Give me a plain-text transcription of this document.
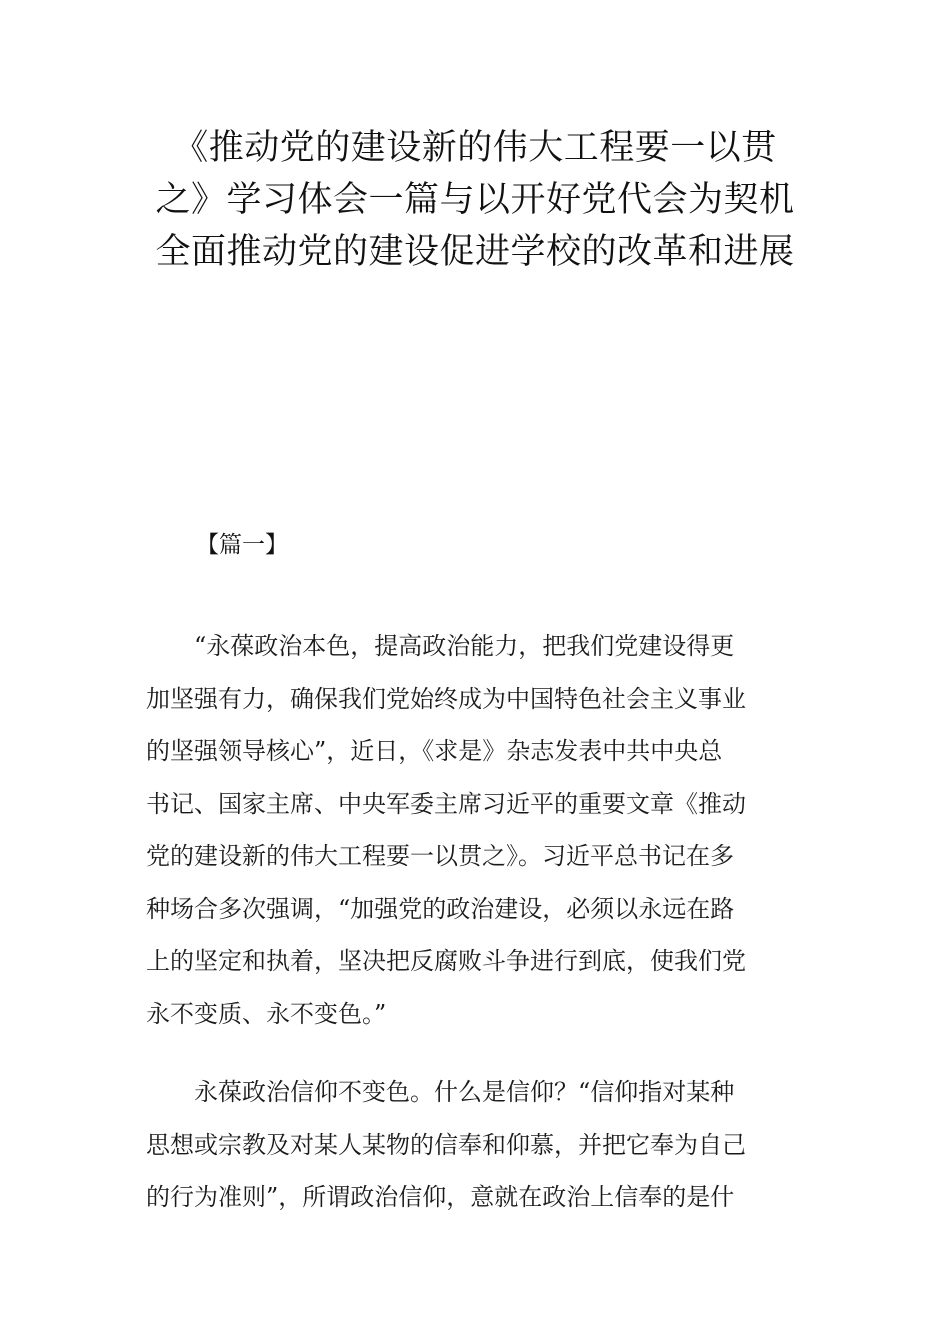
《推动党的建设新的伟大工程要一以贯
之》学习体会一篇与以开好党代会为契机
全面推动党的建设促进学校的改革和进展

【篇一】

“永葆政治本色，提高政治能力，把我们党建设得更
加坚强有力，确保我们党始终成为中国特色社会主义事业
的坚强领导核心”，近日，《求是》杂志发表中共中央总
书记、国家主席、中央军委主席习近平的重要文章《推动
党的建设新的伟大工程要一以贯之》。习近平总书记在多
种场合多次强调，“加强党的政治建设，必须以永远在路
上的坚定和执着，坚决把反腐败斗争进行到底，使我们党
永不变质、永不变色。”
永葆政治信仰不变色。什么是信仰？“信仰指对某种
思想或宗教及对某人某物的信奉和仰慕，并把它奉为自己
的行为准则”，所谓政治信仰，意就在政治上信奉的是什
